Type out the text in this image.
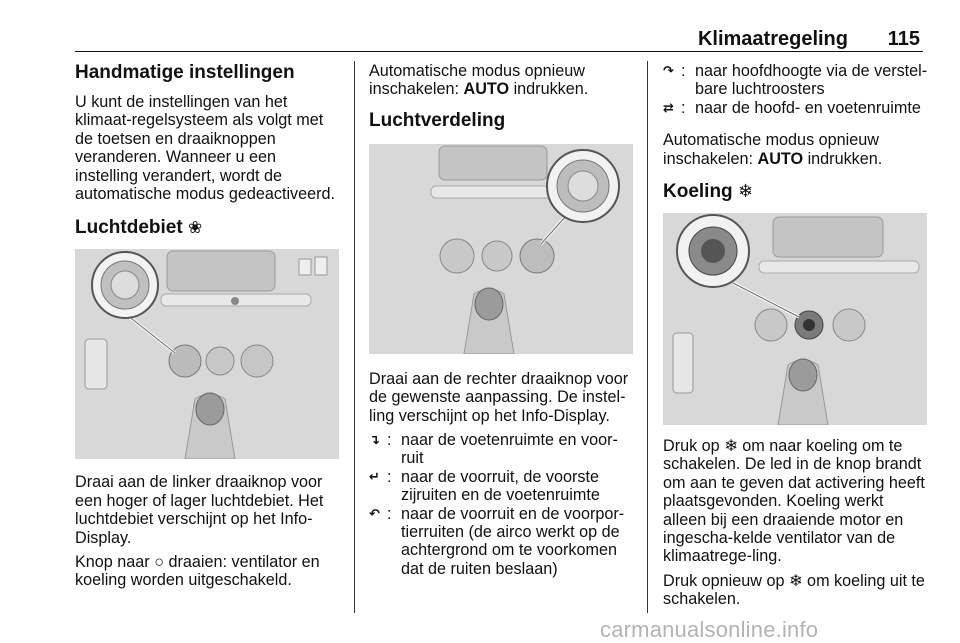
Klimaatregeling 115
Handmatige instellingen

U kunt de instellingen van het klimaat-regelsysteem als volgt met de toetsen en draaiknoppen veranderen. Wanneer u een instelling verandert, wordt de automatische modus gedeactiveerd.

Luchtdebiet ❀

Draai aan de linker draaiknop voor een hoger of lager luchtdebiet. Het luchtdebiet verschijnt op het Info-Display.

Knop naar ○ draaien: ventilator en koeling worden uitgeschakeld.

Automatische modus opnieuw inschakelen: AUTO indrukken.

Luchtverdeling

Draai aan de rechter draaiknop voor de gewenste aanpassing. De instel-ling verschijnt op het Info-Display.

↴ : naar de voetenruimte en voor-ruit
↵ : naar de voorruit, de voorste zijruiten en de voetenruimte
↶ : naar de voorruit en de voorpor-tierruiten (de airco werkt op de achtergrond om te voorkomen dat de ruiten beslaan)
↷ : naar hoofdhoogte via de verstel-bare luchtroosters
⇄ : naar de hoofd- en voetenruimte

Automatische modus opnieuw inschakelen: AUTO indrukken.

Koeling ❄

Druk op ❄ om naar koeling om te schakelen. De led in de knop brandt om aan te geven dat activering heeft plaatsgevonden. Koeling werkt alleen bij een draaiende motor en ingescha-kelde ventilator van de klimaatrege-ling.

Druk opnieuw op ❄ om koeling uit te schakelen.

carmanualsonline.info
